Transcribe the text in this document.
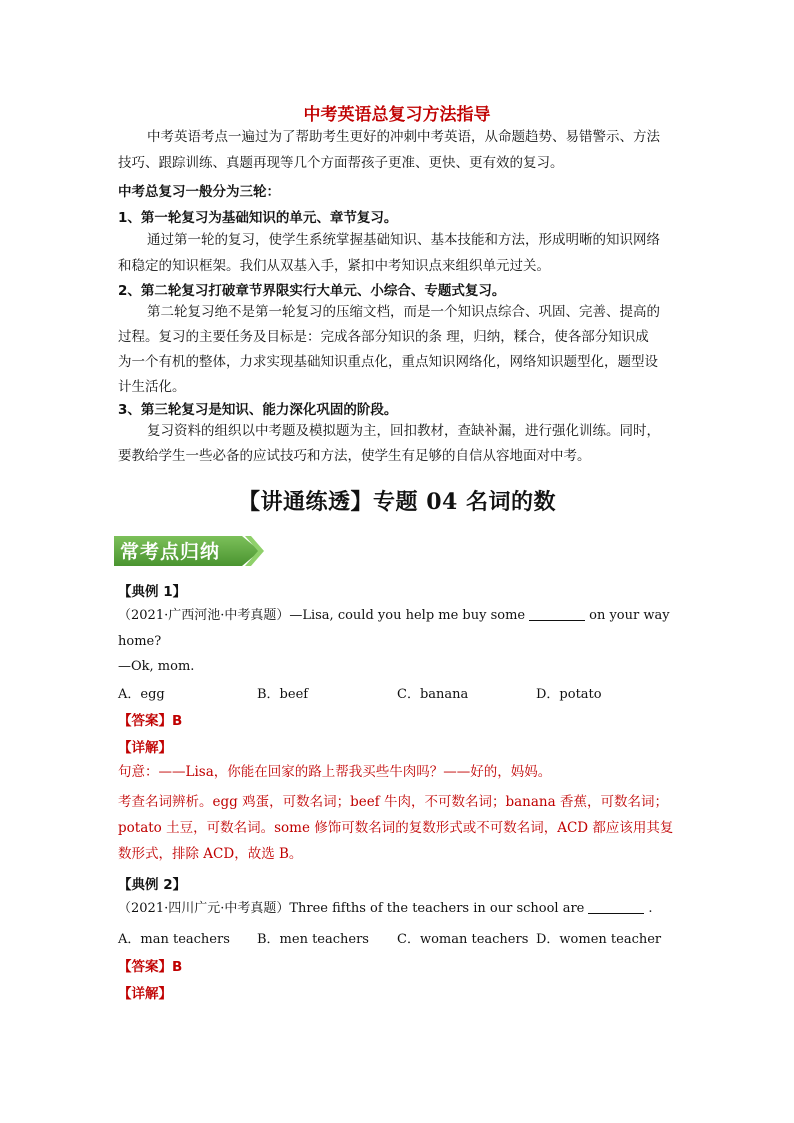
中考英语总复习方法指导
中考英语考点一遍过为了帮助考生更好的冲刺中考英语，从命题趋势、易错警示、方法
技巧、跟踪训练、真题再现等几个方面帮孩子更准、更快、更有效的复习。
中考总复习一般分为三轮：
1、第一轮复习为基础知识的单元、章节复习。
通过第一轮的复习，使学生系统掌握基础知识、基本技能和方法，形成明晰的知识网络
和稳定的知识框架。我们从双基入手，紧扣中考知识点来组织单元过关。
2、第二轮复习打破章节界限实行大单元、小综合、专题式复习。
第二轮复习绝不是第一轮复习的压缩文档，而是一个知识点综合、巩固、完善、提高的
过程。复习的主要任务及目标是：完成各部分知识的条 理，归纳，糅合，使各部分知识成
为一个有机的整体，力求实现基础知识重点化，重点知识网络化，网络知识题型化，题型设
计生活化。
3、第三轮复习是知识、能力深化巩固的阶段。
复习资料的组织以中考题及模拟题为主，回扣教材，查缺补漏，进行强化训练。同时，
要教给学生一些必备的应试技巧和方法，使学生有足够的自信从容地面对中考。
【讲通练透】专题 04 名词的数
常考点归纳
【典例 1】
（2021·广西河池·中考真题）—Lisa, could you help me buy some	on your way
home?
—Ok, mom.
A．egg	B．beef	C．banana	D．potato
【答案】B
【详解】
句意：——Lisa，你能在回家的路上帮我买些牛肉吗？——好的，妈妈。
考查名词辨析。egg 鸡蛋，可数名词；beef 牛肉，不可数名词；banana 香蕉，可数名词；
potato 土豆，可数名词。some 修饰可数名词的复数形式或不可数名词，ACD 都应该用其复
数形式，排除 ACD，故选 B。
【典例 2】
（2021·四川广元·中考真题）Three fifths of the teachers in our school are	.
A．man teachers B．men teachers C．woman teachers D．women teacher
【答案】B
【详解】
